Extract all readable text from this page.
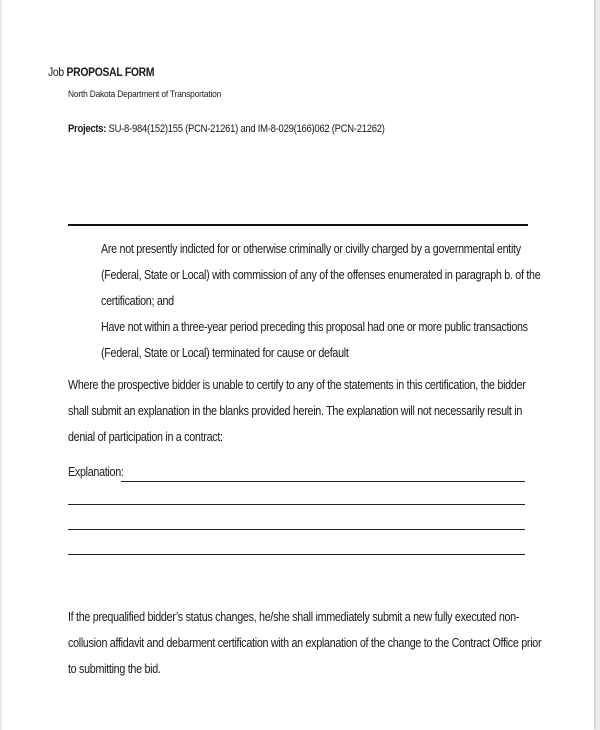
Job PROPOSAL FORM
North Dakota Department of Transportation
Projects: SU-8-984(152)155 (PCN-21261) and IM-8-029(166)062 (PCN-21262)
Are not presently indicted for or otherwise criminally or civilly charged by a governmental entity
(Federal, State or Local) with commission of any of the offenses enumerated in paragraph b. of the
certification; and
Have not within a three-year period preceding this proposal had one or more public transactions
(Federal, State or Local) terminated for cause or default
Where the prospective bidder is unable to certify to any of the statements in this certification, the bidder
shall submit an explanation in the blanks provided herein. The explanation will not necessarily result in
denial of participation in a contract:
Explanation:
If the prequalified bidder’s status changes, he/she shall immediately submit a new fully executed non-
collusion affidavit and debarment certification with an explanation of the change to the Contract Office prior
to submitting the bid.
